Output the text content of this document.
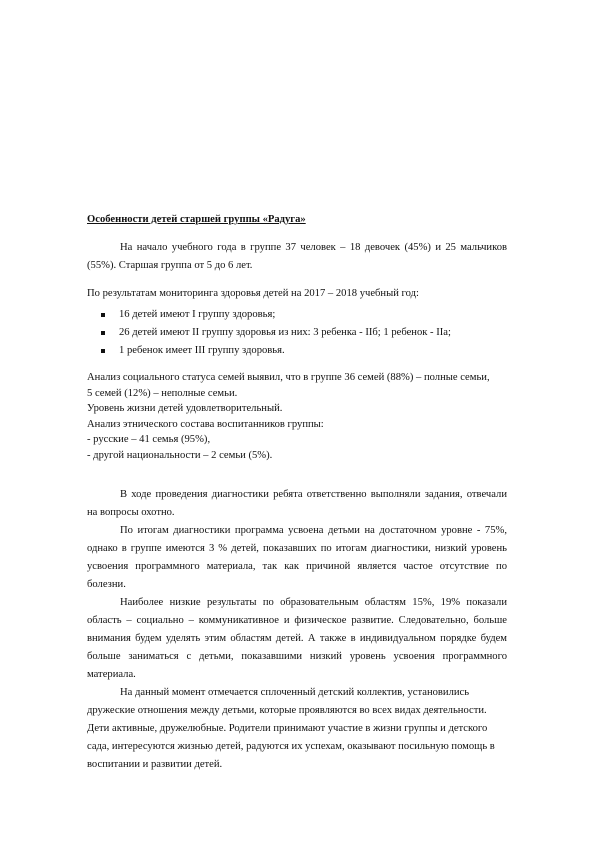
Особенности детей старшей группы «Радуга»
На начало учебного года в группе 37 человек – 18 девочек (45%) и 25 мальчиков (55%). Старшая группа от 5 до 6 лет.
По результатам мониторинга здоровья детей на 2017 – 2018 учебный год:
16 детей имеют I группу здоровья;
26 детей имеют II группу здоровья из них: 3 ребенка - IIб; 1 ребенок - IIа;
1 ребенок имеет III группу здоровья.
Анализ социального статуса семей выявил, что в группе 36 семей (88%) – полные семьи,
5 семей (12%) – неполные семьи.
Уровень жизни детей удовлетворительный.
Анализ этнического состава воспитанников группы:
- русские – 41 семья (95%),
- другой национальности – 2 семьи (5%).

В ходе проведения диагностики ребята ответственно выполняли задания, отвечали на вопросы охотно.

По итогам диагностики программа усвоена детьми на достаточном уровне - 75%, однако в группе имеются 3 % детей, показавших по итогам диагностики, низкий уровень усвоения программного материала, так как причиной является частое отсутствие по болезни.

Наиболее низкие результаты по образовательным областям 15%, 19% показали область – социально – коммуникативное и физическое развитие. Следовательно, больше внимания будем уделять этим областям детей. А также в индивидуальном порядке будем больше заниматься с детьми, показавшими низкий уровень усвоения программного материала.

На данный момент отмечается сплоченный детский коллектив, установились
дружеские отношения между детьми, которые проявляются во всех видах деятельности.
Дети активные, дружелюбные. Родители принимают участие в жизни группы и детского
сада, интересуются жизнью детей, радуются их успехам, оказывают посильную помощь в
воспитании и развитии детей.
